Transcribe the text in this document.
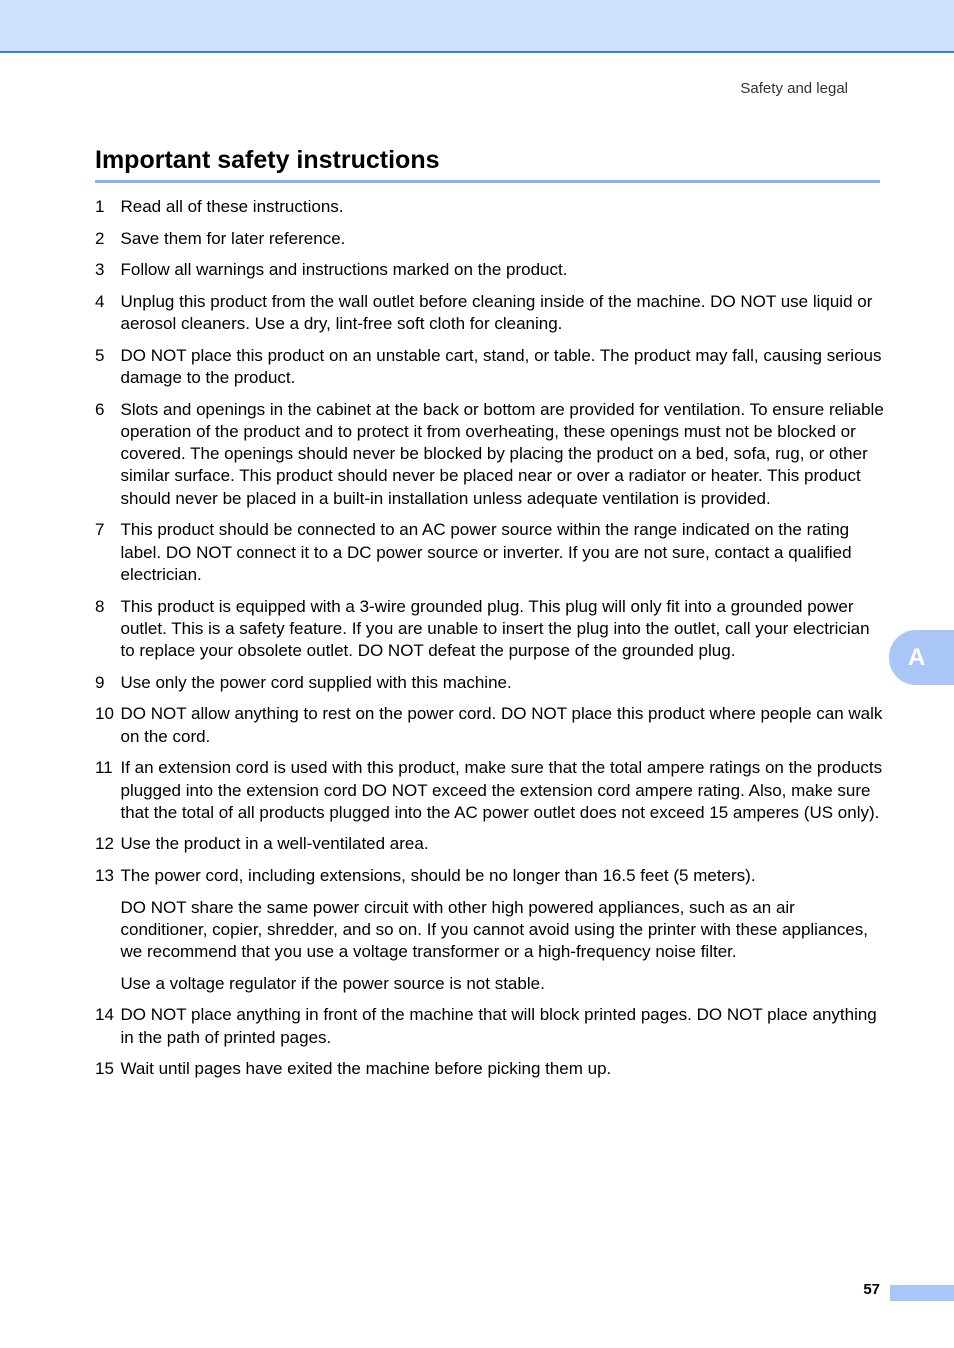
Safety and legal
Important safety instructions
1 Read all of these instructions.
2 Save them for later reference.
3 Follow all warnings and instructions marked on the product.
4 Unplug this product from the wall outlet before cleaning inside of the machine. DO NOT use liquid or aerosol cleaners. Use a dry, lint-free soft cloth for cleaning.
5 DO NOT place this product on an unstable cart, stand, or table. The product may fall, causing serious damage to the product.
6 Slots and openings in the cabinet at the back or bottom are provided for ventilation. To ensure reliable operation of the product and to protect it from overheating, these openings must not be blocked or covered. The openings should never be blocked by placing the product on a bed, sofa, rug, or other similar surface. This product should never be placed near or over a radiator or heater. This product should never be placed in a built-in installation unless adequate ventilation is provided.
7 This product should be connected to an AC power source within the range indicated on the rating label. DO NOT connect it to a DC power source or inverter. If you are not sure, contact a qualified electrician.
8 This product is equipped with a 3-wire grounded plug. This plug will only fit into a grounded power outlet. This is a safety feature. If you are unable to insert the plug into the outlet, call your electrician to replace your obsolete outlet. DO NOT defeat the purpose of the grounded plug.
9 Use only the power cord supplied with this machine.
10 DO NOT allow anything to rest on the power cord. DO NOT place this product where people can walk on the cord.
11 If an extension cord is used with this product, make sure that the total ampere ratings on the products plugged into the extension cord DO NOT exceed the extension cord ampere rating. Also, make sure that the total of all products plugged into the AC power outlet does not exceed 15 amperes (US only).
12 Use the product in a well-ventilated area.
13 The power cord, including extensions, should be no longer than 16.5 feet (5 meters).
DO NOT share the same power circuit with other high powered appliances, such as an air conditioner, copier, shredder, and so on. If you cannot avoid using the printer with these appliances, we recommend that you use a voltage transformer or a high-frequency noise filter.
Use a voltage regulator if the power source is not stable.
14 DO NOT place anything in front of the machine that will block printed pages. DO NOT place anything in the path of printed pages.
15 Wait until pages have exited the machine before picking them up.
A
57
